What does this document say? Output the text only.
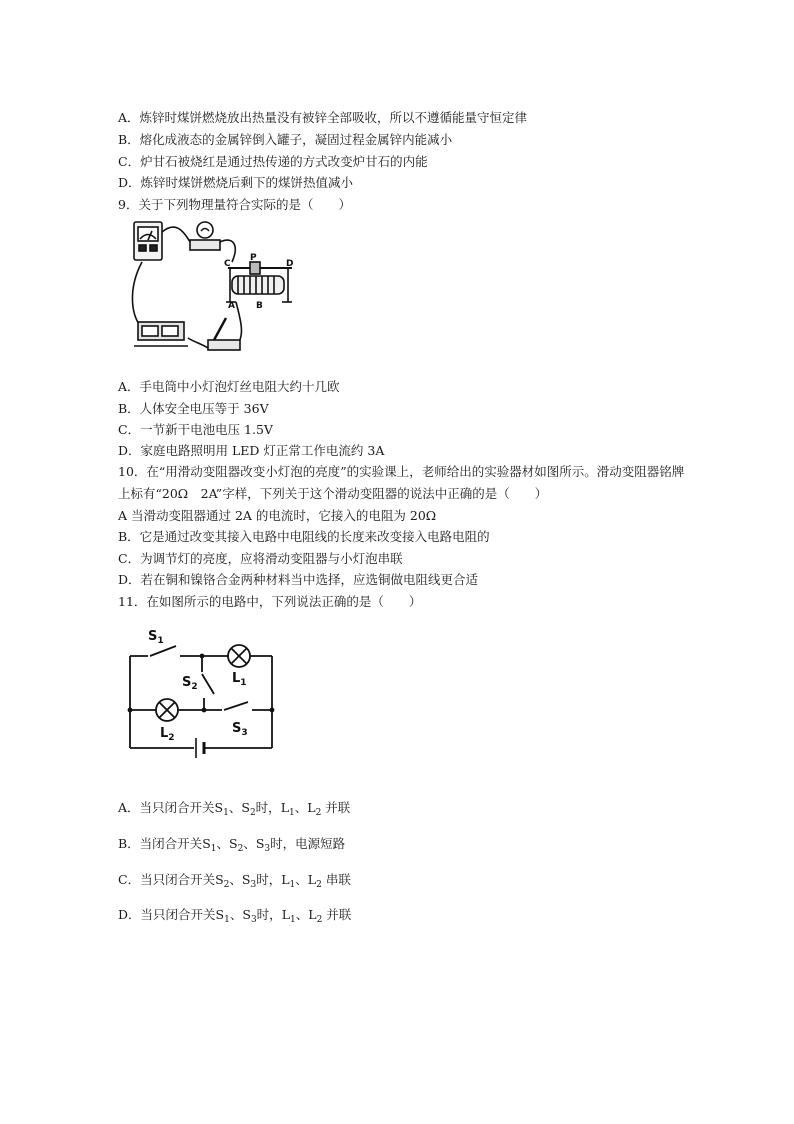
A．炼锌时煤饼燃烧放出热量没有被锌全部吸收，所以不遵循能量守恒定律
B．熔化成液态的金属锌倒入罐子，凝固过程金属锌内能减小
C．炉甘石被烧红是通过热传递的方式改变炉甘石的内能
D．炼锌时煤饼燃烧后剩下的煤饼热值减小
9．关于下列物理量符合实际的是（　　）
C
P
D
A B
A．手电筒中小灯泡灯丝电阻大约十几欧
B．人体安全电压等于 36V
C．一节新干电池电压 1.5V
D．家庭电路照明用 LED 灯正常工作电流约 3A
10．在“用滑动变阻器改变小灯泡的亮度”的实验课上，老师给出的实验器材如图所示。滑动变阻器铭牌
上标有“20Ω　2A”字样，下列关于这个滑动变阻器的说法中正确的是（　　）
A 当滑动变阻器通过 2A 的电流时，它接入的电阻为 20Ω
B．它是通过改变其接入电路中电阻线的长度来改变接入电路电阻的
C．为调节灯的亮度，应将滑动变阻器与小灯泡串联
D．若在铜和镍铬合金两种材料当中选择，应选铜做电阻线更合适
11．在如图所示的电路中，下列说法正确的是（　　）
$S_1$
$S_2$
$L_1$
$L_2$
$S_3$
A．当只闭合开关$S_1$、$S_2$时，$L_1$、$L_2$ 并联
B．当闭合开关$S_1$、$S_2$、$S_3$时，电源短路
C．当只闭合开关$S_2$、$S_3$时，$L_1$、$L_2$ 串联
D．当只闭合开关$S_1$、$S_3$时，$L_1$、$L_2$ 并联
